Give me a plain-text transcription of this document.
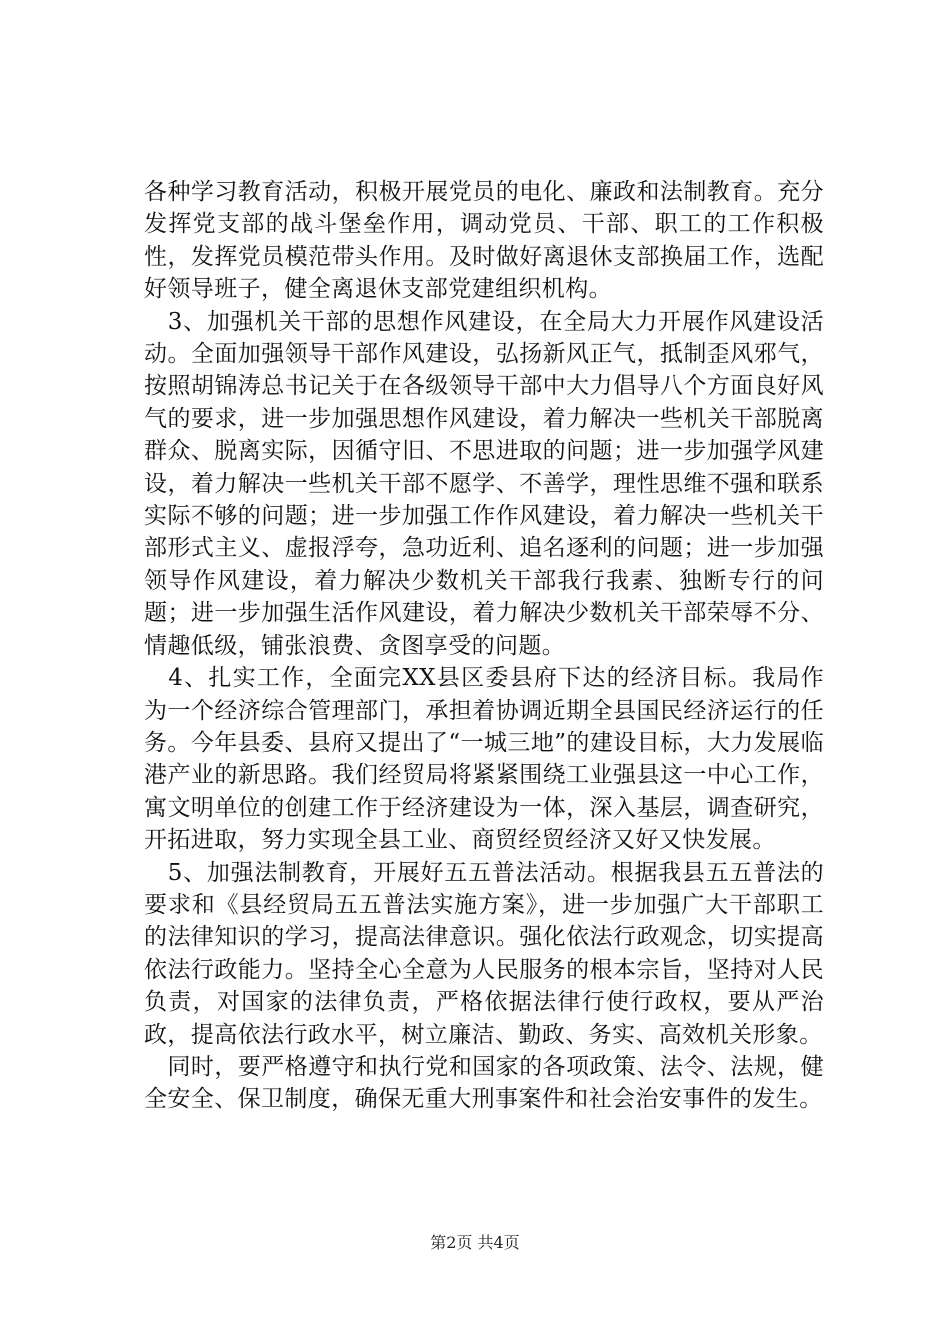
各种学习教育活动，积极开展党员的电化、廉政和法制教育。充分发挥党支部的战斗堡垒作用，调动党员、干部、职工的工作积极性，发挥党员模范带头作用。及时做好离退休支部换届工作，选配好领导班子，健全离退休支部党建组织机构。

　3、加强机关干部的思想作风建设，在全局大力开展作风建设活动。全面加强领导干部作风建设，弘扬新风正气，抵制歪风邪气，按照胡锦涛总书记关于在各级领导干部中大力倡导八个方面良好风气的要求，进一步加强思想作风建设，着力解决一些机关干部脱离群众、脱离实际，因循守旧、不思进取的问题；进一步加强学风建设，着力解决一些机关干部不愿学、不善学，理性思维不强和联系实际不够的问题；进一步加强工作作风建设，着力解决一些机关干部形式主义、虚报浮夸，急功近利、追名逐利的问题；进一步加强领导作风建设，着力解决少数机关干部我行我素、独断专行的问题；进一步加强生活作风建设，着力解决少数机关干部荣辱不分、情趣低级，铺张浪费、贪图享受的问题。

　4、扎实工作，全面完XX县区委县府下达的经济目标。我局作为一个经济综合管理部门，承担着协调近期全县国民经济运行的任务。今年县委、县府又提出了“一城三地”的建设目标，大力发展临港产业的新思路。我们经贸局将紧紧围绕工业强县这一中心工作，寓文明单位的创建工作于经济建设为一体，深入基层，调查研究，开拓进取，努力实现全县工业、商贸经贸经济又好又快发展。

　5、加强法制教育，开展好五五普法活动。根据我县五五普法的要求和《县经贸局五五普法实施方案》，进一步加强广大干部职工的法律知识的学习，提高法律意识。强化依法行政观念，切实提高依法行政能力。坚持全心全意为人民服务的根本宗旨，坚持对人民负责，对国家的法律负责，严格依据法律行使行政权，要从严治政，提高依法行政水平，树立廉洁、勤政、务实、高效机关形象。

　同时，要严格遵守和执行党和国家的各项政策、法令、法规，健全安全、保卫制度，确保无重大刑事案件和社会治安事件的发生。

第2页 共4页
